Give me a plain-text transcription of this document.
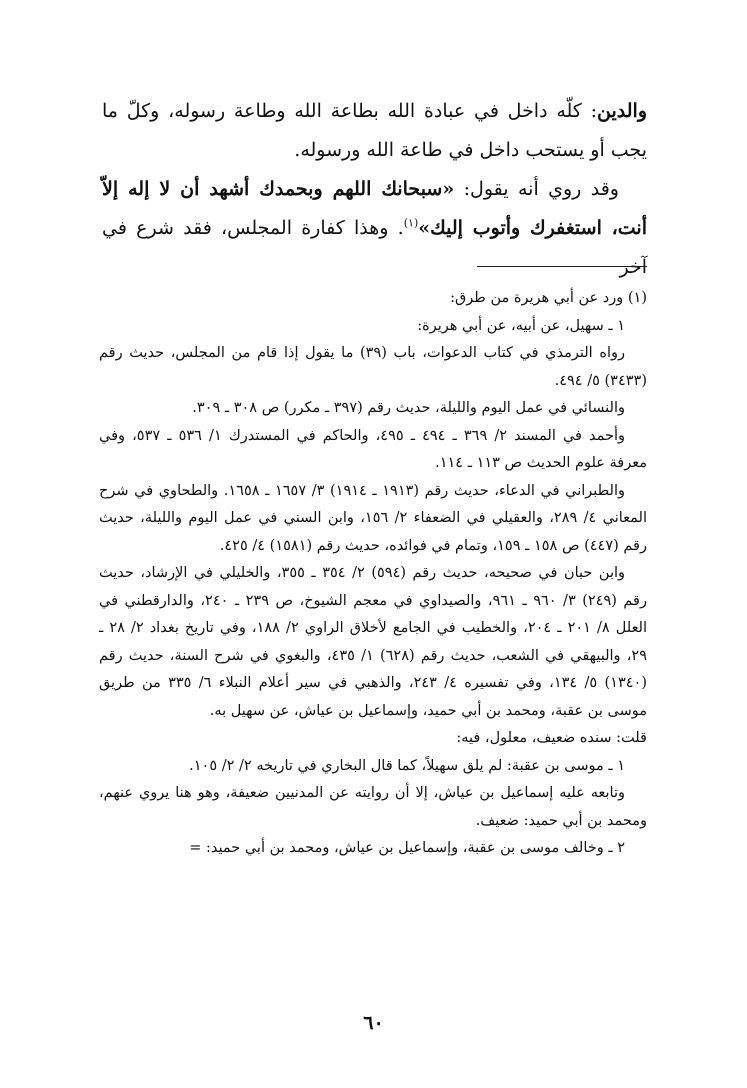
والدين: كلّه داخل في عبادة الله بطاعة الله وطاعة رسوله، وكلّ ما يجب أو يستحب داخل في طاعة الله ورسوله.

وقد روي أنه يقول: «سبحانك اللهم وبحمدك أشهد أن لا إله إلاّ أنت، استغفرك وأتوب إليك»$^{(١)}$. وهذا كفارة المجلس، فقد شرع في آخر

(١) ورد عن أبي هريرة من طرق:

١ ـ سهيل، عن أبيه، عن أبي هريرة:

رواه الترمذي في كتاب الدعوات، باب (٣٩) ما يقول إذا قام من المجلس، حديث رقم (٣٤٣٣) ٥/ ٤٩٤.

والنسائي في عمل اليوم والليلة، حديث رقم (٣٩٧ ـ مكرر) ص ٣٠٨ ـ ٣٠٩.

وأحمد في المسند ٢/ ٣٦٩ ـ ٤٩٤ ـ ٤٩٥، والحاكم في المستدرك ١/ ٥٣٦ ـ ٥٣٧، وفي معرفة علوم الحديث ص ١١٣ ـ ١١٤.

والطبراني في الدعاء، حديث رقم (١٩١٣ ـ ١٩١٤) ٣/ ١٦٥٧ ـ ١٦٥٨. والطحاوي في شرح المعاني ٤/ ٢٨٩، والعقيلي في الضعفاء ٢/ ١٥٦، وابن السني في عمل اليوم والليلة، حديث رقم (٤٤٧) ص ١٥٨ ـ ١٥٩، وتمام في فوائده، حديث رقم (١٥٨١) ٤/ ٤٢٥.

وابن حبان في صحيحه، حديث رقم (٥٩٤) ٢/ ٣٥٤ ـ ٣٥٥، والخليلي في الإرشاد، حديث رقم (٢٤٩) ٣/ ٩٦٠ ـ ٩٦١، والصيداوي في معجم الشيوخ، ص ٢٣٩ ـ ٢٤٠، والدارقطني في العلل ٨/ ٢٠١ ـ ٢٠٤، والخطيب في الجامع لأخلاق الراوي ٢/ ١٨٨، وفي تاريخ بغداد ٢/ ٢٨ ـ ٢٩، والبيهقي في الشعب، حديث رقم (٦٢٨) ١/ ٤٣٥، والبغوي في شرح السنة، حديث رقم (١٣٤٠) ٥/ ١٣٤، وفي تفسيره ٤/ ٢٤٣، والذهبي في سير أعلام النبلاء ٦/ ٣٣٥ من طريق موسى بن عقبة، ومحمد بن أبي حميد، وإسماعيل بن عياش، عن سهيل به.

قلت: سنده ضعيف، معلول، فيه:

١ ـ موسى بن عقبة: لم يلق سهيلاً، كما قال البخاري في تاريخه ٢/ ٢/ ١٠٥.

وتابعه عليه إسماعيل بن عياش، إلا أن روايته عن المدنيين ضعيفة، وهو هنا يروي عنهم، ومحمد بن أبي حميد: ضعيف.

٢ ـ وخالف موسى بن عقبة، وإسماعيل بن عياش، ومحمد بن أبي حميد: =

٦٠
